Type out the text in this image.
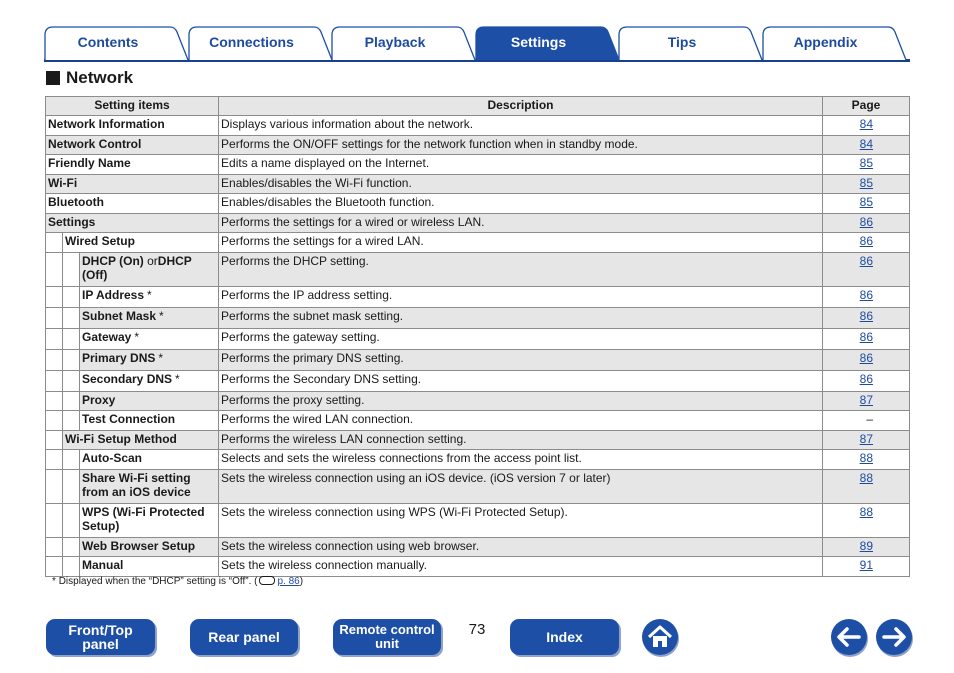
Contents	Connections	Playback	Settings	Tips	Appendix
Network
Setting items			Description	Page
Network Information			Displays various information about the network.	84
Network Control			Performs the ON/OFF settings for the network function when in standby mode.	84
Friendly Name			Edits a name displayed on the Internet.	85
Wi-Fi			Enables/disables the Wi-Fi function.	85
Bluetooth			Enables/disables the Bluetooth function.	85
Settings			Performs the settings for a wired or wireless LAN.	86
	Wired Setup		Performs the settings for a wired LAN.	86
		DHCP (On) orDHCP (Off)	Performs the DHCP setting.	86
		IP Address *	Performs the IP address setting.	86
		Subnet Mask *	Performs the subnet mask setting.	86
		Gateway *	Performs the gateway setting.	86
		Primary DNS *	Performs the primary DNS setting.	86
		Secondary DNS *	Performs the Secondary DNS setting.	86
		Proxy	Performs the proxy setting.	87
		Test Connection	Performs the wired LAN connection.	–
	Wi-Fi Setup Method		Performs the wireless LAN connection setting.	87
		Auto-Scan	Selects and sets the wireless connections from the access point list.	88
		Share Wi-Fi setting from an iOS device	Sets the wireless connection using an iOS device. (iOS version 7 or later)	88
		WPS (Wi-Fi Protected Setup)	Sets the wireless connection using WPS (Wi-Fi Protected Setup).	88
		Web Browser Setup	Sets the wireless connection using web browser.	89
		Manual	Sets the wireless connection manually.	91
* Displayed when the “DHCP” setting is “Off”. ( p. 86)
Front/Top panel	Rear panel	Remote control unit
73	Index
